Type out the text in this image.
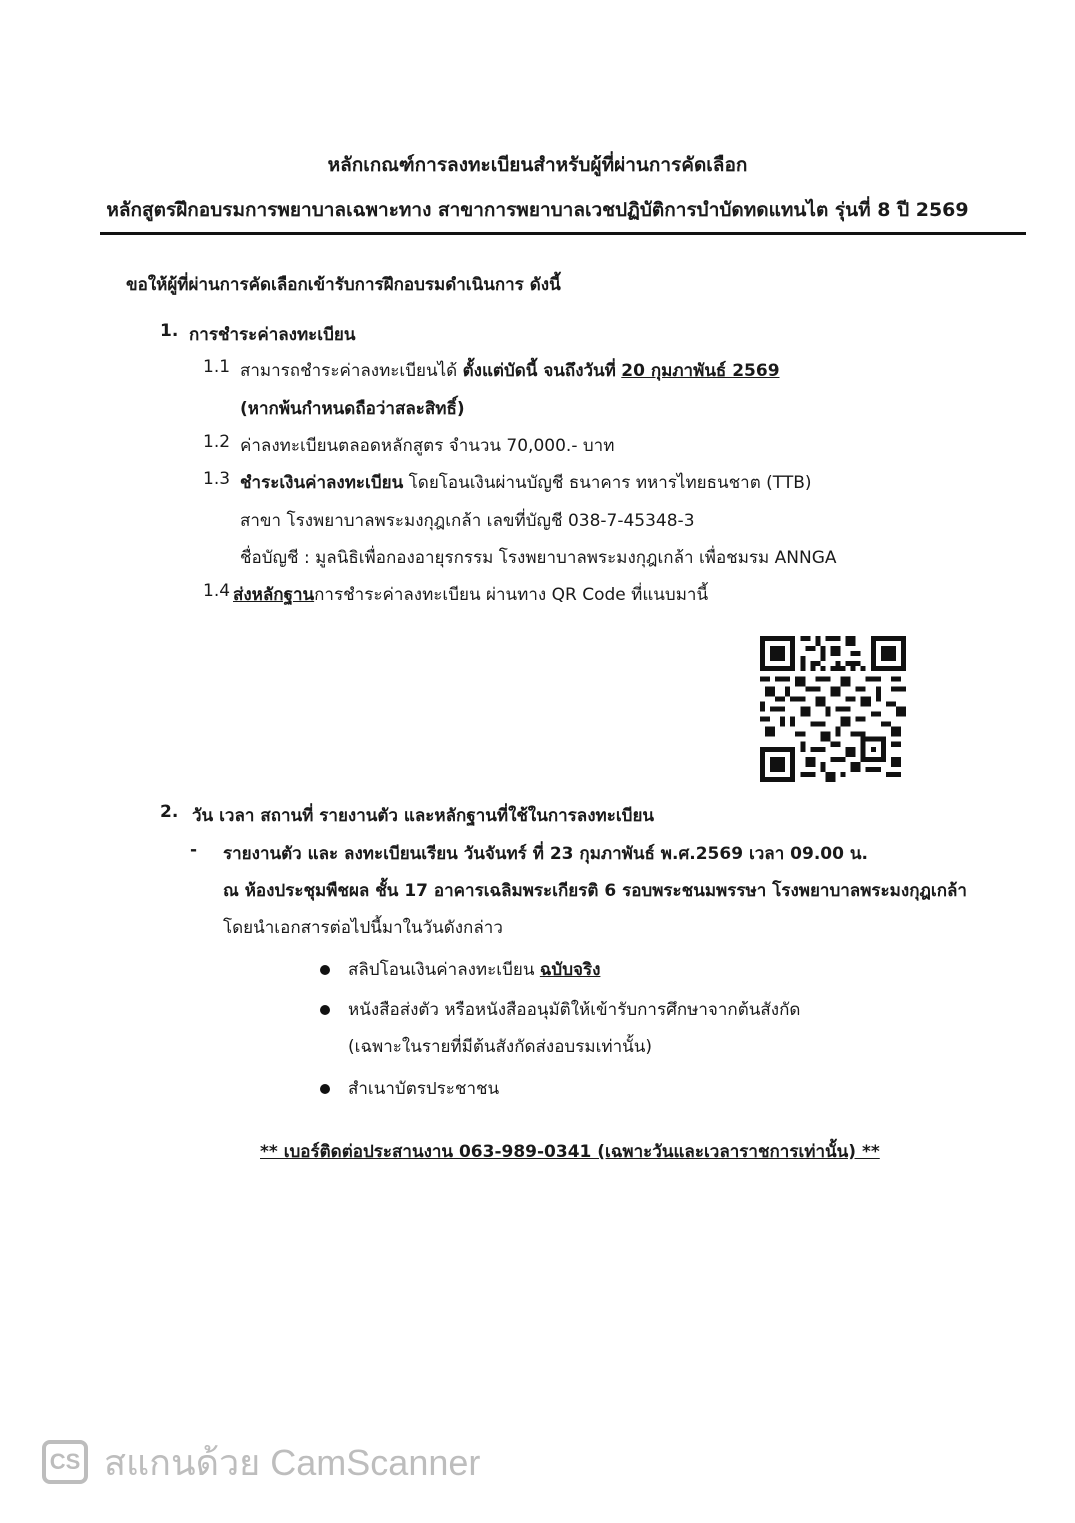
หลักเกณฑ์การลงทะเบียนสำหรับผู้ที่ผ่านการคัดเลือก
หลักสูตรฝึกอบรมการพยาบาลเฉพาะทาง สาขาการพยาบาลเวชปฏิบัติการบำบัดทดแทนไต รุ่นที่ 8 ปี 2569
ขอให้ผู้ที่ผ่านการคัดเลือกเข้ารับการฝึกอบรมดำเนินการ ดังนี้
1. การชำระค่าลงทะเบียน
1.1 สามารถชำระค่าลงทะเบียนได้ ตั้งแต่บัดนี้ จนถึงวันที่ 20 กุมภาพันธ์ 2569
(หากพ้นกำหนดถือว่าสละสิทธิ์)
1.2 ค่าลงทะเบียนตลอดหลักสูตร จำนวน 70,000.- บาท
1.3 ชำระเงินค่าลงทะเบียน โดยโอนเงินผ่านบัญชี ธนาคาร ทหารไทยธนชาต (TTB)
สาขา โรงพยาบาลพระมงกุฎเกล้า เลขที่บัญชี 038-7-45348-3
ชื่อบัญชี : มูลนิธิเพื่อกองอายุรกรรม โรงพยาบาลพระมงกุฎเกล้า เพื่อชมรม ANNGA
1.4 ส่งหลักฐานการชำระค่าลงทะเบียน ผ่านทาง QR Code ที่แนบมานี้
2. วัน เวลา สถานที่ รายงานตัว และหลักฐานที่ใช้ในการลงทะเบียน
- รายงานตัว และ ลงทะเบียนเรียน วันจันทร์ ที่ 23 กุมภาพันธ์ พ.ศ.2569 เวลา 09.00 น.
ณ ห้องประชุมพืชผล ชั้น 17 อาคารเฉลิมพระเกียรติ 6 รอบพระชนมพรรษา โรงพยาบาลพระมงกุฎเกล้า
โดยนำเอกสารต่อไปนี้มาในวันดังกล่าว
สลิปโอนเงินค่าลงทะเบียน ฉบับจริง
หนังสือส่งตัว หรือหนังสืออนุมัติให้เข้ารับการศึกษาจากต้นสังกัด
(เฉพาะในรายที่มีต้นสังกัดส่งอบรมเท่านั้น)
สำเนาบัตรประชาชน
** เบอร์ติดต่อประสานงาน 063-989-0341 (เฉพาะวันและเวลาราชการเท่านั้น) **
CS สแกนด้วย CamScanner
